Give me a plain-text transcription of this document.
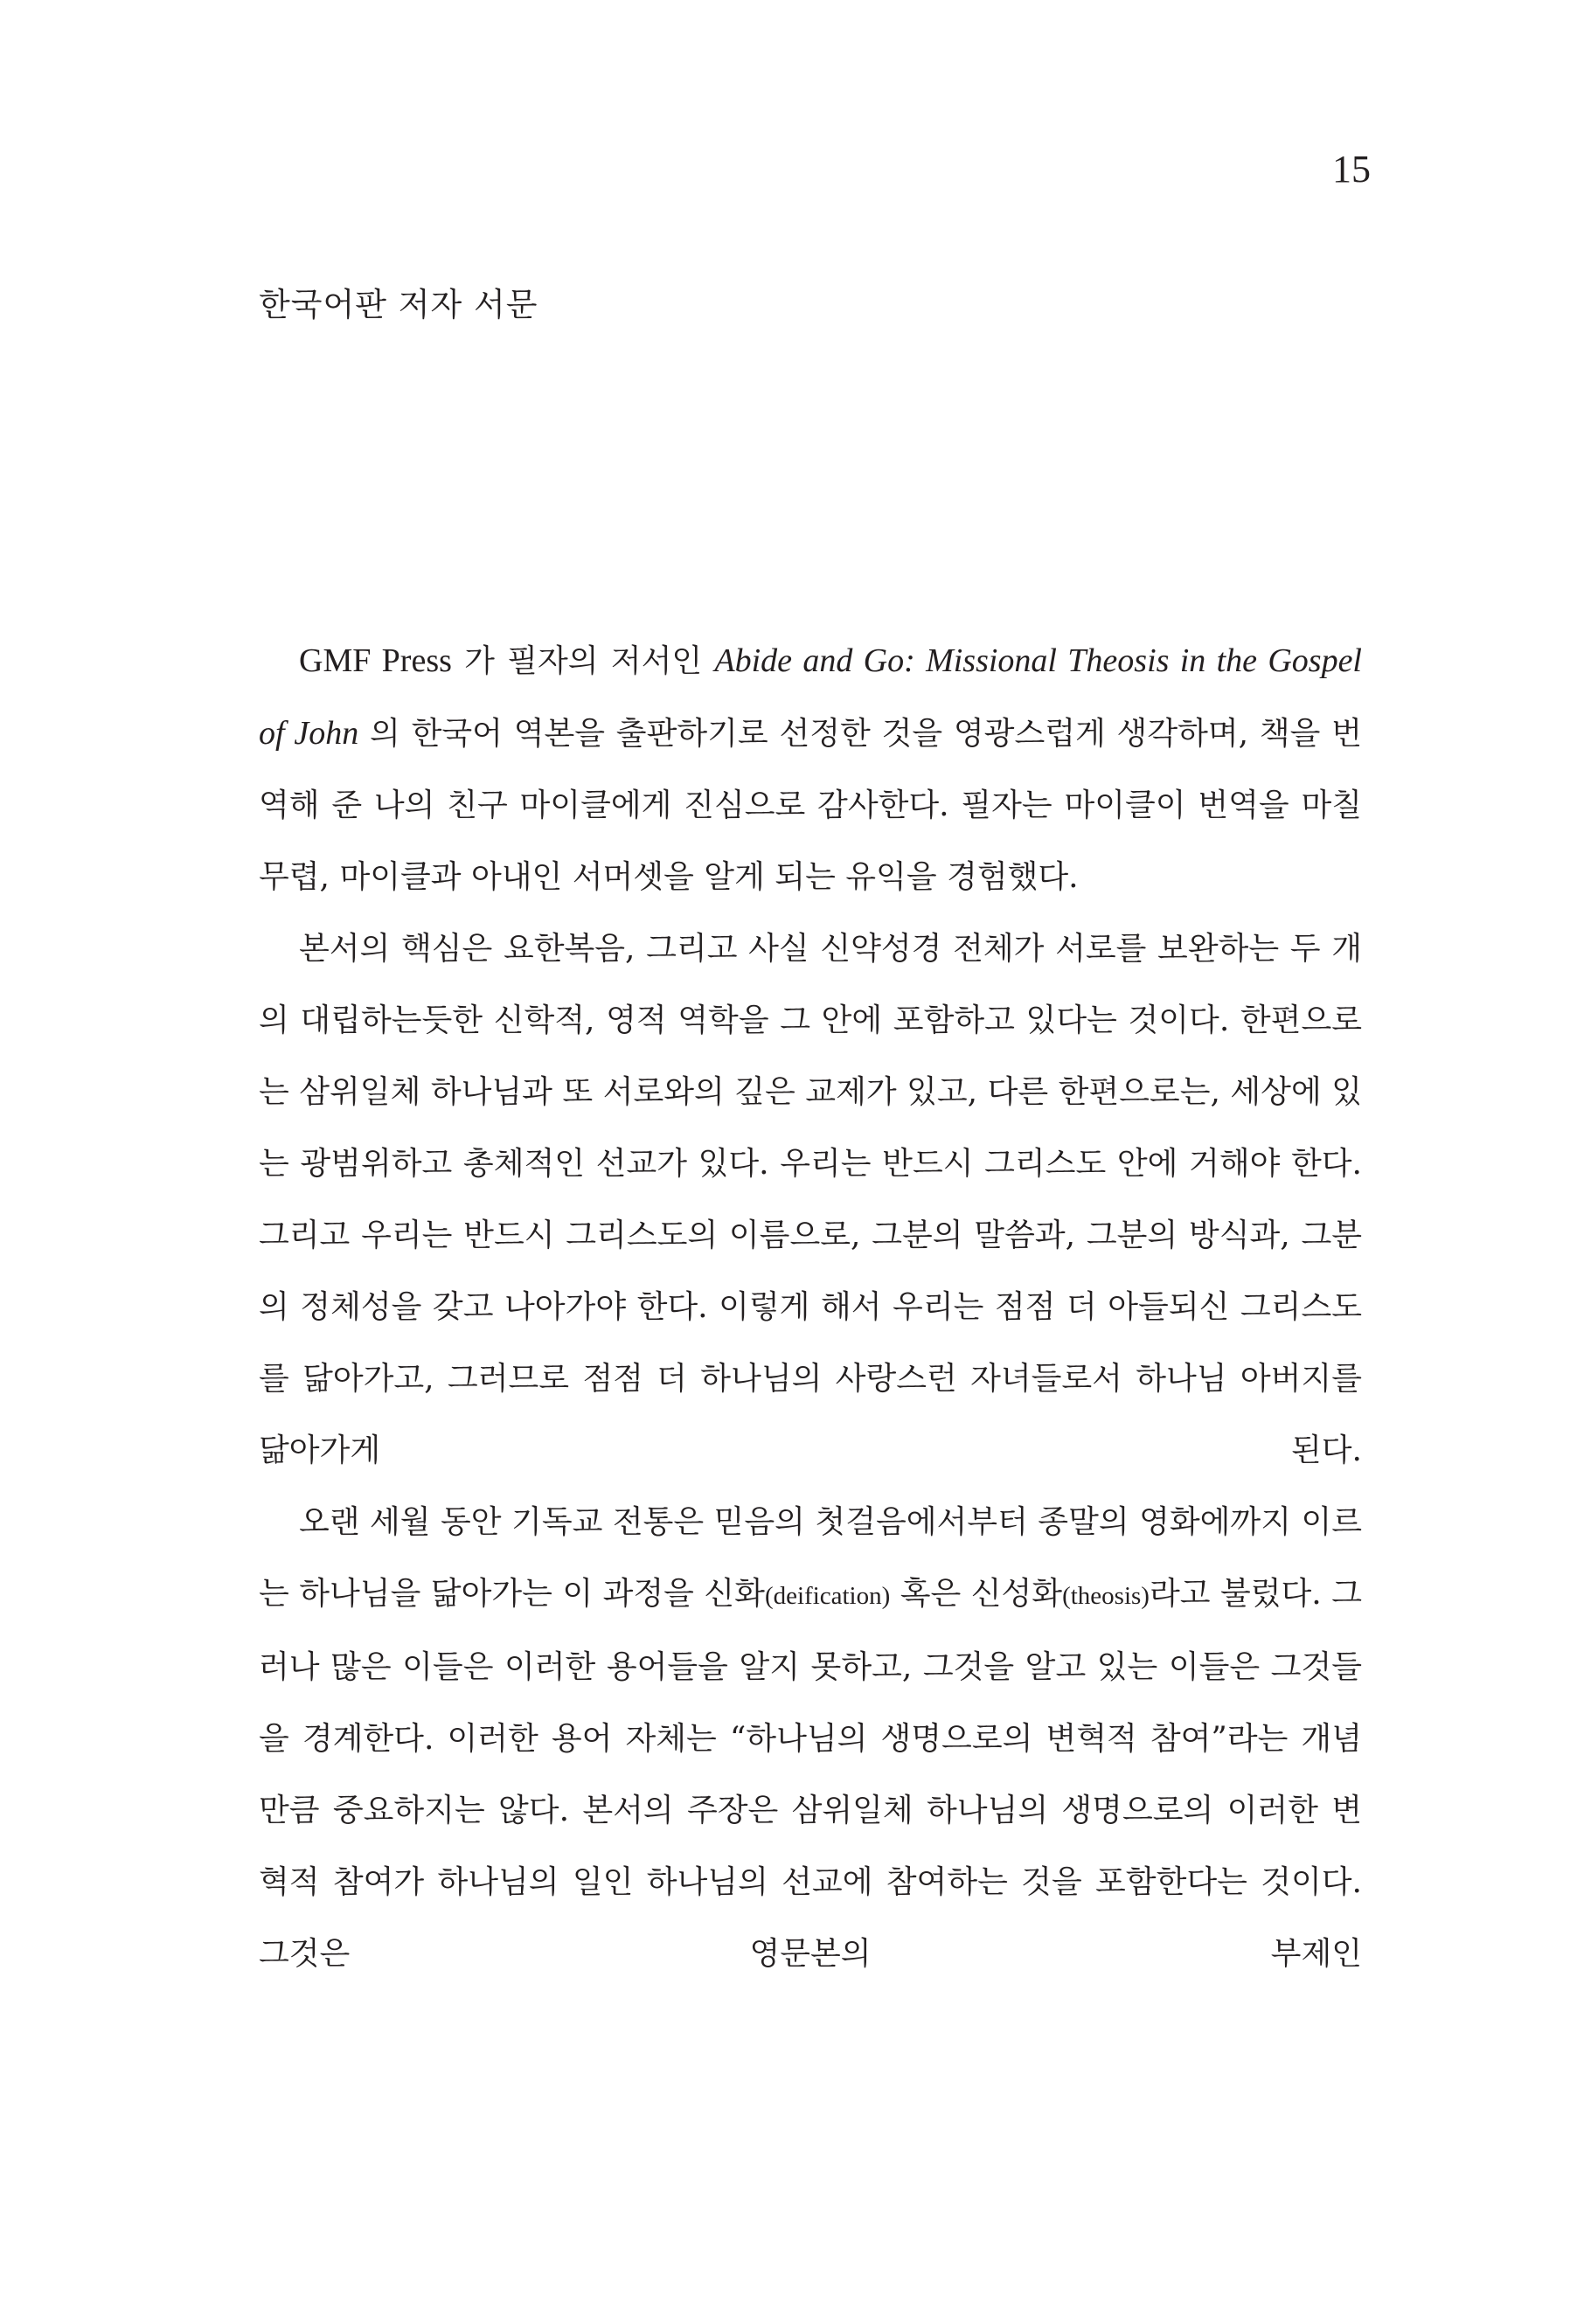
15
한국어판 저자 서문

GMF Press 가 필자의 저서인 Abide and Go: Missional Theosis in the Gospel of John 의 한국어 역본을 출판하기로 선정한 것을 영광스럽게 생각하며, 책을 번역해 준 나의 친구 마이클에게 진심으로 감사한다. 필자는 마이클이 번역을 마칠 무렵, 마이클과 아내인 서머셋을 알게 되는 유익을 경험했다.

본서의 핵심은 요한복음, 그리고 사실 신약성경 전체가 서로를 보완하는 두 개의 대립하는듯한 신학적, 영적 역학을 그 안에 포함하고 있다는 것이다. 한편으로는 삼위일체 하나님과 또 서로와의 깊은 교제가 있고, 다른 한편으로는, 세상에 있는 광범위하고 총체적인 선교가 있다. 우리는 반드시 그리스도 안에 거해야 한다. 그리고 우리는 반드시 그리스도의 이름으로, 그분의 말씀과, 그분의 방식과, 그분의 정체성을 갖고 나아가야 한다. 이렇게 해서 우리는 점점 더 아들되신 그리스도를 닮아가고, 그러므로 점점 더 하나님의 사랑스런 자녀들로서 하나님 아버지를 닮아가게 된다.

오랜 세월 동안 기독교 전통은 믿음의 첫걸음에서부터 종말의 영화에까지 이르는 하나님을 닮아가는 이 과정을 신화(deification) 혹은 신성화(theosis)라고 불렀다. 그러나 많은 이들은 이러한 용어들을 알지 못하고, 그것을 알고 있는 이들은 그것들을 경계한다. 이러한 용어 자체는 “하나님의 생명으로의 변혁적 참여”라는 개념만큼 중요하지는 않다. 본서의 주장은 삼위일체 하나님의 생명으로의 이러한 변혁적 참여가 하나님의 일인 하나님의 선교에 참여하는 것을 포함한다는 것이다. 그것은 영문본의 부제인
